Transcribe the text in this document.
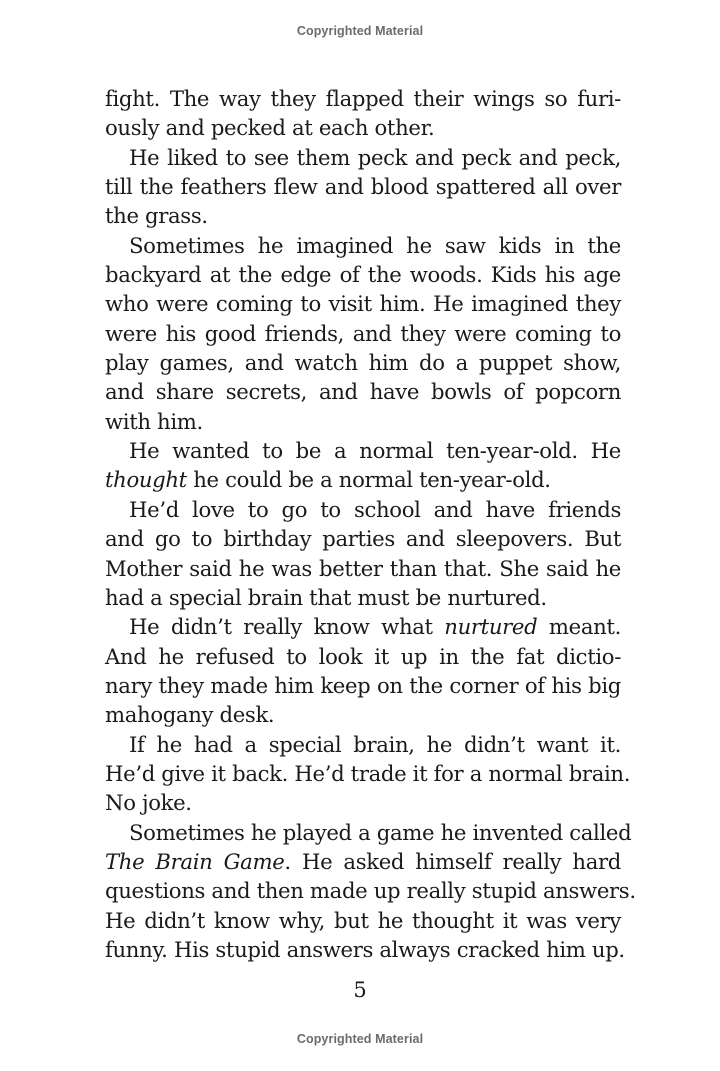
Copyrighted Material
fight. The way they flapped their wings so furi-
ously and pecked at each other.
He liked to see them peck and peck and peck,
till the feathers flew and blood spattered all over
the grass.
Sometimes he imagined he saw kids in the
backyard at the edge of the woods. Kids his age
who were coming to visit him. He imagined they
were his good friends, and they were coming to
play games, and watch him do a puppet show,
and share secrets, and have bowls of popcorn
with him.
He wanted to be a normal ten-year-old. He
thought he could be a normal ten-year-old.
He’d love to go to school and have friends
and go to birthday parties and sleepovers. But
Mother said he was better than that. She said he
had a special brain that must be nurtured.
He didn’t really know what nurtured meant.
And he refused to look it up in the fat dictio-
nary they made him keep on the corner of his big
mahogany desk.
If he had a special brain, he didn’t want it.
He’d give it back. He’d trade it for a normal brain.
No joke.
Sometimes he played a game he invented called
The Brain Game. He asked himself really hard
questions and then made up really stupid answers.
He didn’t know why, but he thought it was very
funny. His stupid answers always cracked him up.
5
Copyrighted Material
